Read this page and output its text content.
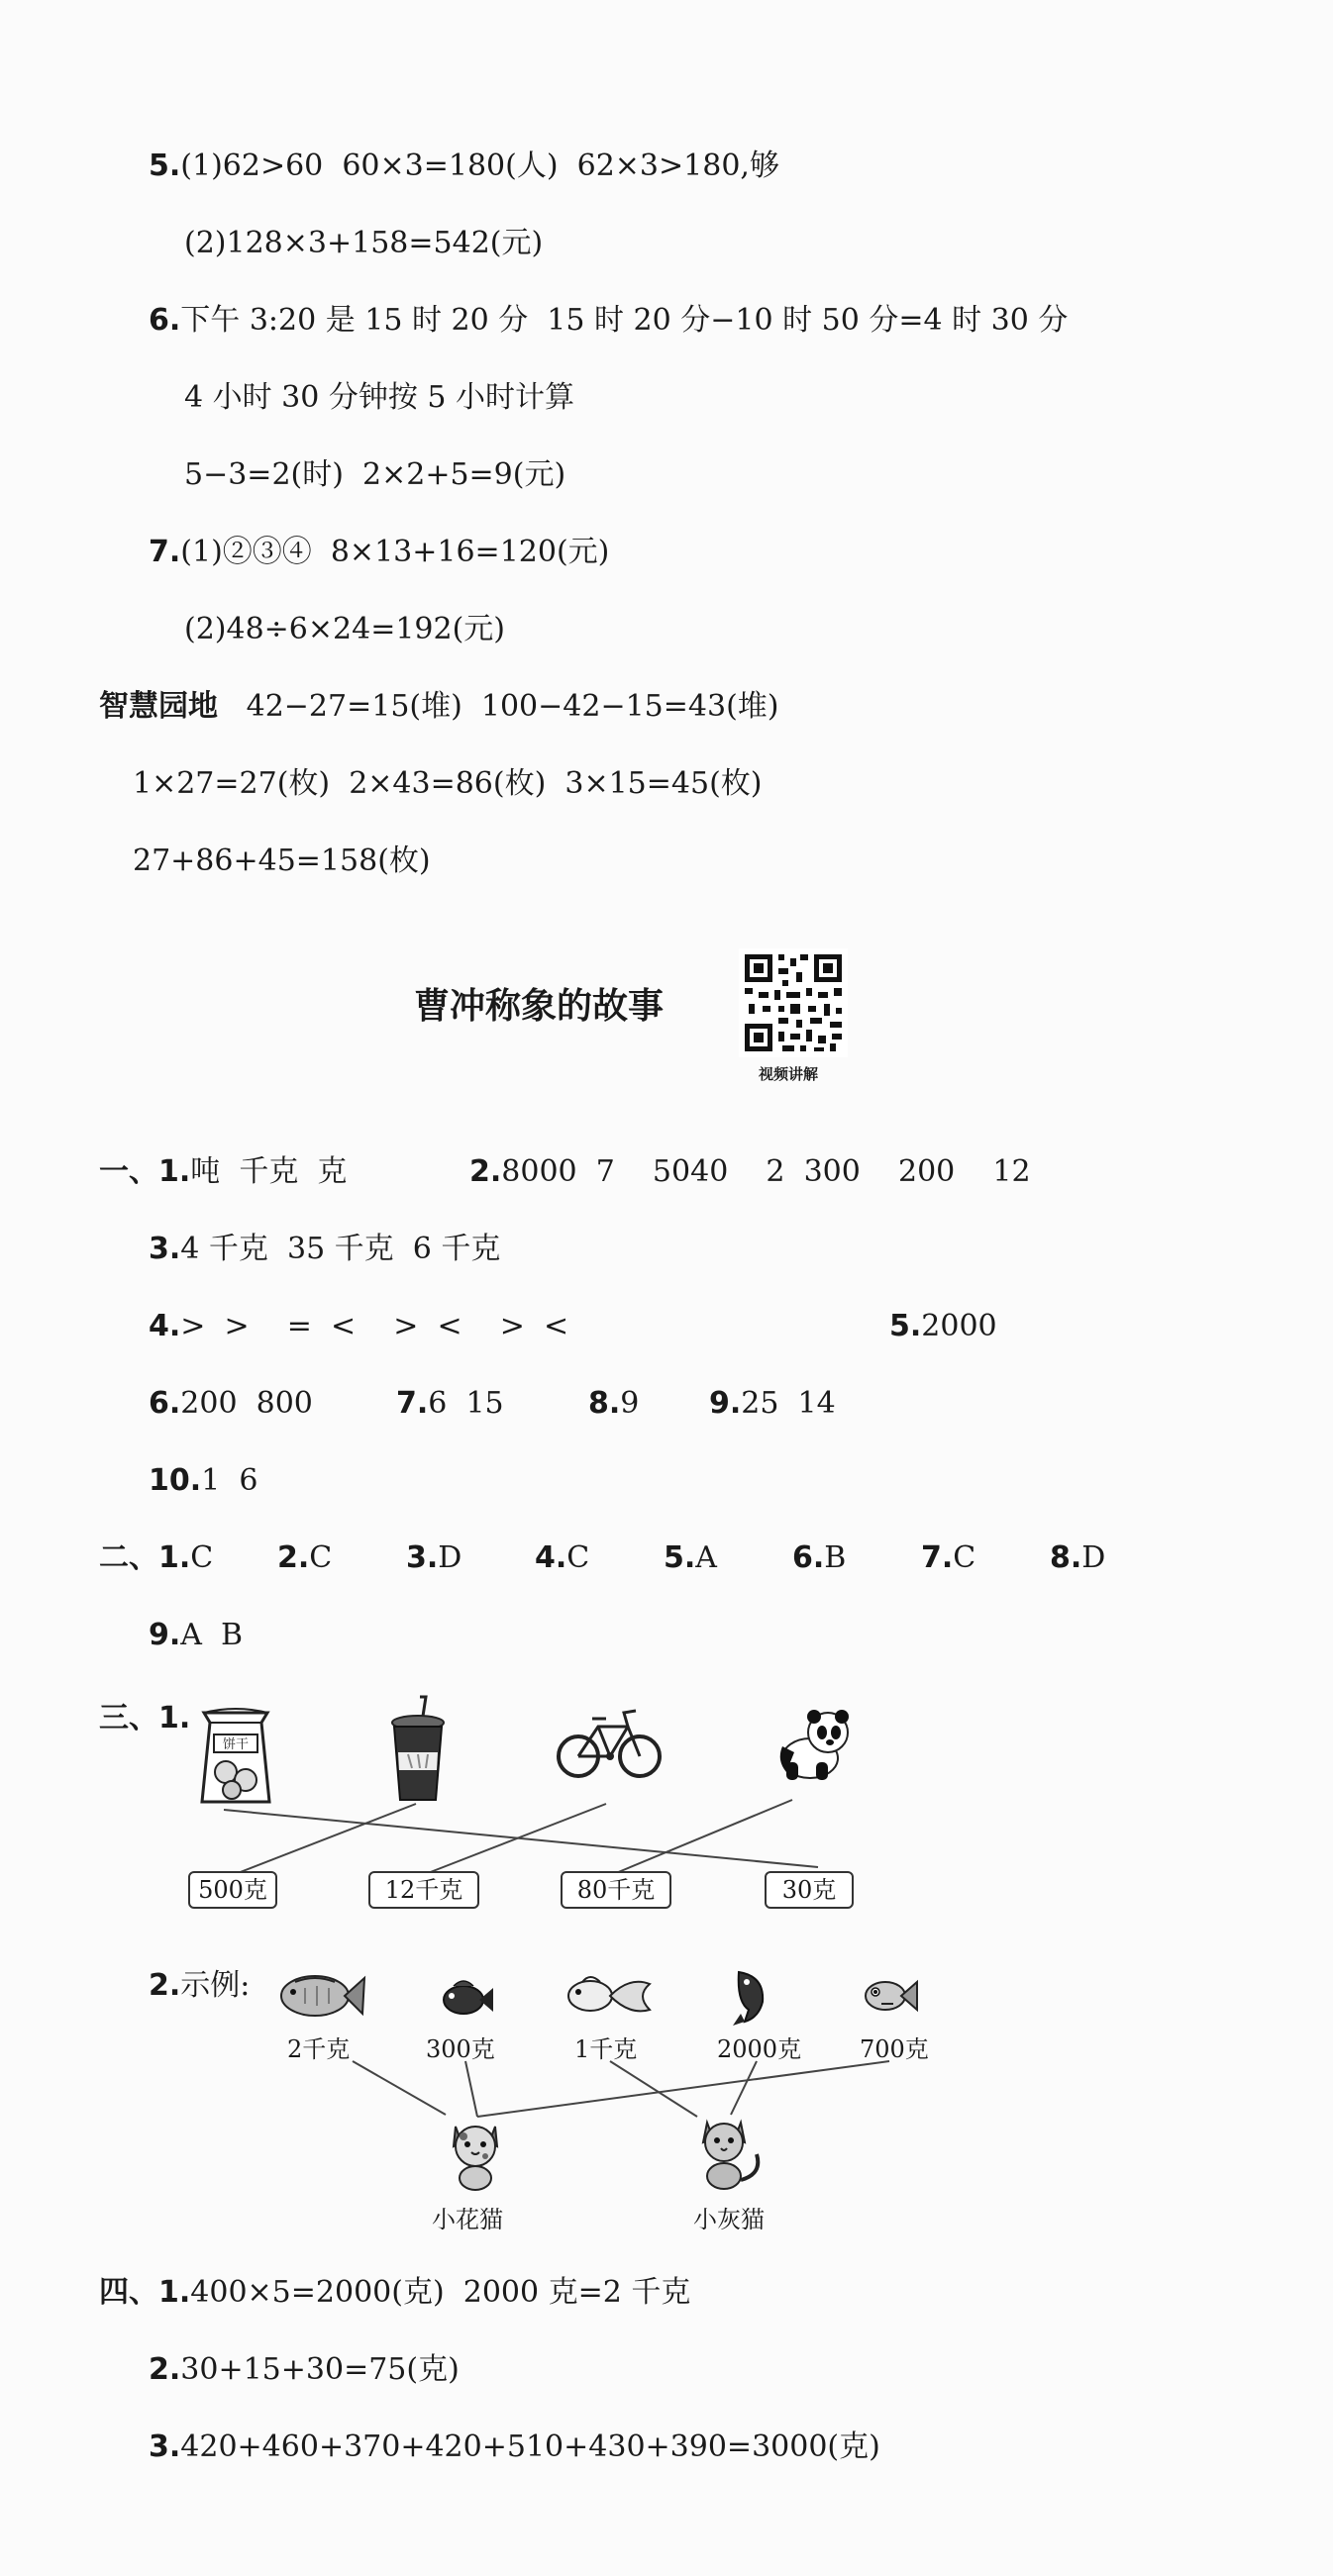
5.(1)62>60  60×3=180(人)  62×3>180,够
(2)128×3+158=542(元)
6.下午 3:20 是 15 时 20 分  15 时 20 分−10 时 50 分=4 时 30 分
4 小时 30 分钟按 5 小时计算
5−3=2(时)  2×2+5=9(元)
7.(1)②③④  8×13+16=120(元)
(2)48÷6×24=192(元)
智慧园地 42−27=15(堆)  100−42−15=43(堆)
1×27=27(枚)  2×43=86(枚)  3×15=45(枚)
27+86+45=158(枚)
曹冲称象的故事
视频讲解
一、1.吨  千克  克	2.8000  7    5040    2  300    200    12
3.4 千克  35 千克  6 千克
4.>  >    =  <    >  <    >  <	5.2000
6.200  800	7.6  15	8.9 9.25  14
10.1  6
二、1.C 2.C 3.D 4.C 5.A	6.B	7.C 8.D
9.A  B
三、1.
饼干
500克	12千克	80千克	30克
2.示例:
2千克	300克	1千克	2000克 700克
小花猫	小灰猫
四、1.400×5=2000(克)  2000 克=2 千克
2.30+15+30=75(克)
3.420+460+370+420+510+430+390=3000(克)
